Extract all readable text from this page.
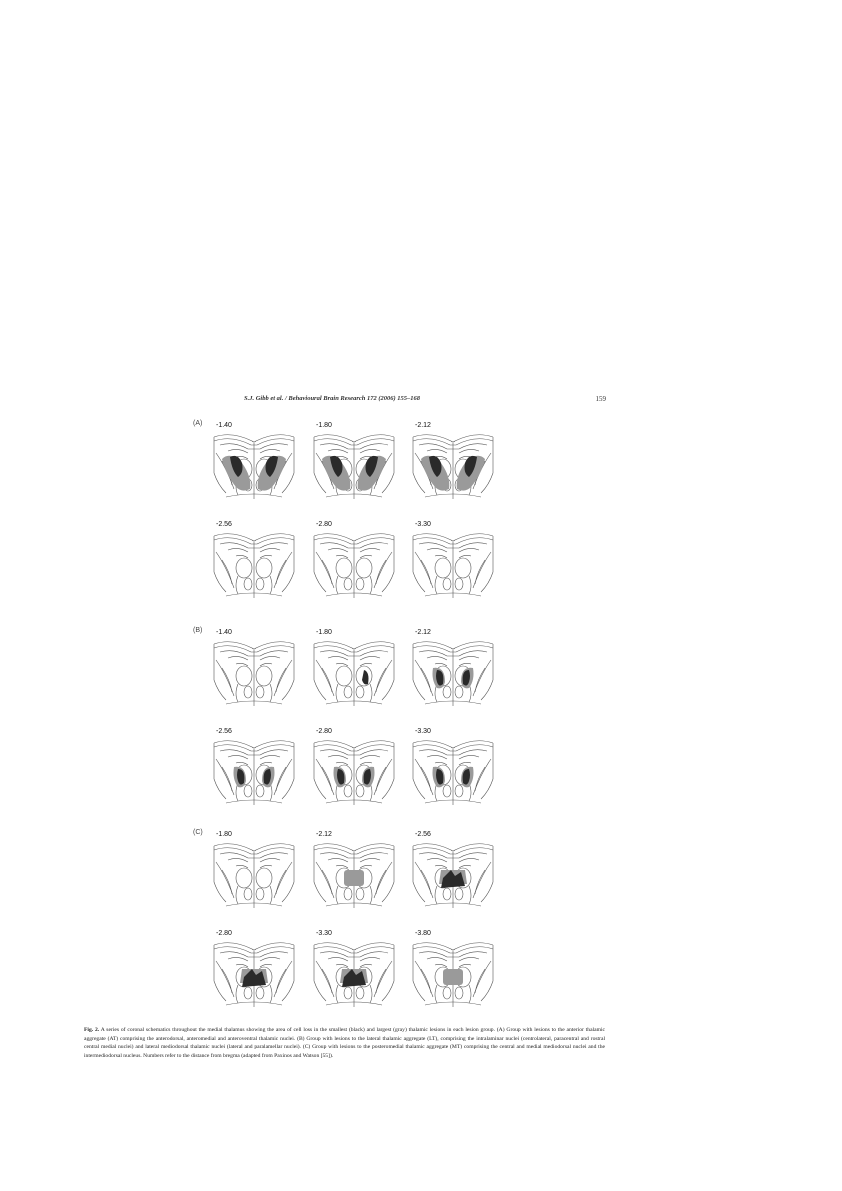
S.J. Gibb et al. / Behavioural Brain Research 172 (2006) 155–168	159
(A) -1.40	-1.80	-2.12
-2.56	-2.80	-3.30
(B) -1.40	-1.80	-2.12
-2.56	-2.80	-3.30
(C) -1.80	-2.12	-2.56
-2.80	-3.30	-3.80
Fig. 2. A series of coronal schematics throughout the medial thalamus showing the area of cell loss in the smallest (black) and largest (gray) thalamic lesions in each lesion group. (A) Group with lesions to the anterior thalamic aggregate (AT) comprising the anterodorsal, anteromedial and anteroventral thalamic nuclei. (B) Group with lesions to the lateral thalamic aggregate (LT), comprising the intralaminar nuclei (centrolateral, paracentral and rostral central medial nuclei) and lateral mediodorsal thalamic nuclei (lateral and paralamellar nuclei). (C) Group with lesions to the posteromedial thalamic aggregate (MT) comprising the central and medial mediodorsal nuclei and the intermediodorsal nucleus. Numbers refer to the distance from bregma (adapted from Paxinos and Watson [55]).
